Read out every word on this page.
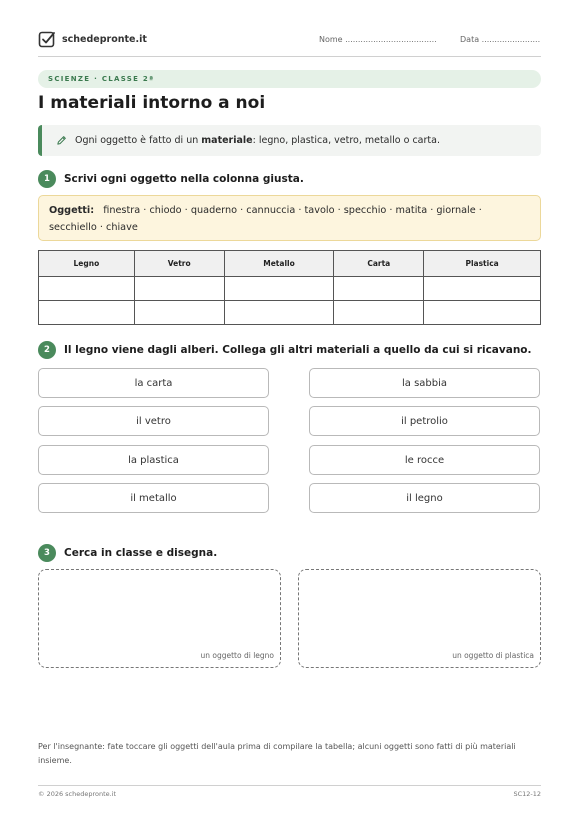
schedepronte.it	Nome ....................................	Data .......................
SCIENZE · CLASSE 2ª
I materiali intorno a noi
Ogni oggetto è fatto di un materiale: legno, plastica, vetro, metallo o carta.
1	Scrivi ogni oggetto nella colonna giusta.
Oggetti: finestra · chiodo · quaderno · cannuccia · tavolo · specchio · matita · giornale · secchiello · chiave
Legno	Vetro	Metallo	Carta	Plastica

2	Il legno viene dagli alberi. Collega gli altri materiali a quello da cui si ricavano.
la carta
il vetro
la plastica
il metallo
la sabbia
il petrolio
le rocce
il legno
3	Cerca in classe e disegna.
un oggetto di legno	un oggetto di plastica
Per l'insegnante: fate toccare gli oggetti dell'aula prima di compilare la tabella; alcuni oggetti sono fatti di più materiali insieme.
© 2026 schedepronte.it	SC12-12
